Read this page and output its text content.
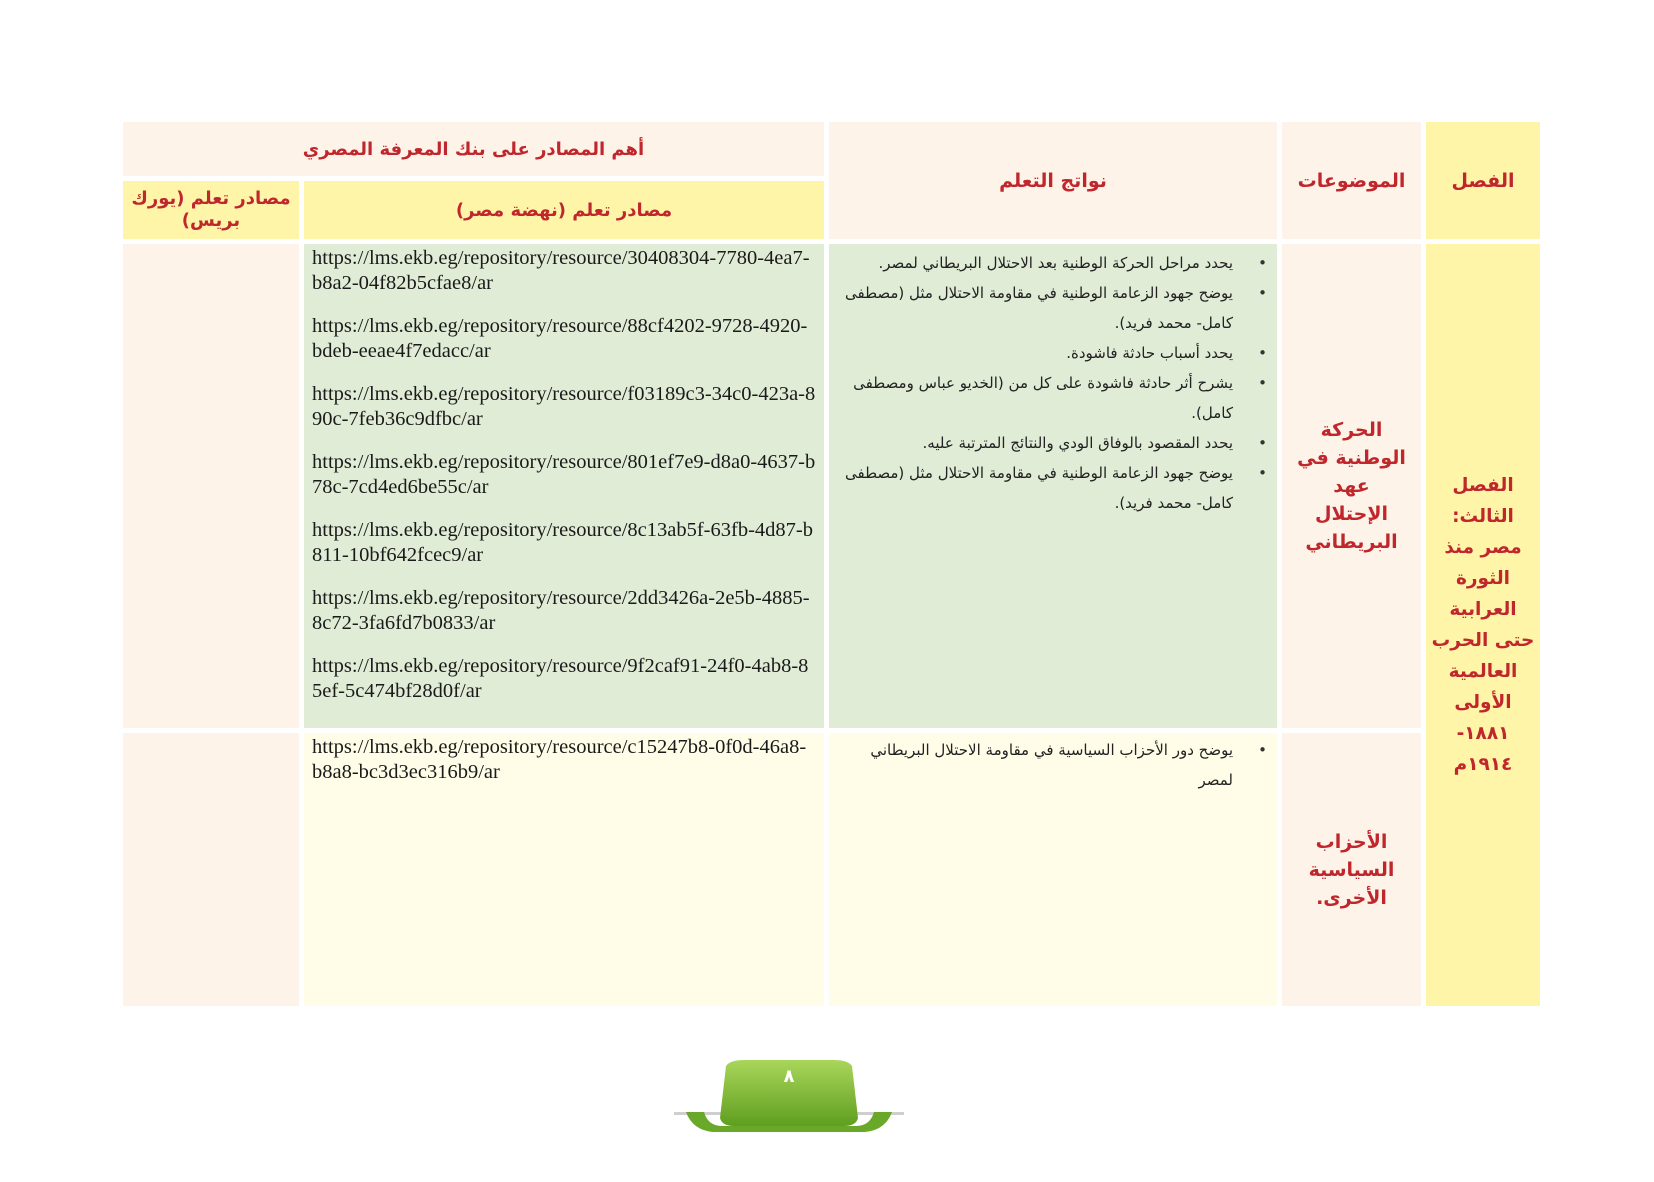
الفصل
الموضوعات
نواتج التعلم
أهم المصادر على بنك المعرفة المصري
مصادر تعلم (نهضة مصر)
مصادر تعلم (يورك بريس)
الفصل الثالث: مصر منذ الثورة العرابية حتى الحرب العالمية الأولى ١٨٨١- ١٩١٤م
الحركة الوطنية في عهد الإحتلال البريطاني
• يحدد مراحل الحركة الوطنية بعد الاحتلال البريطاني لمصر.
• يوضح جهود الزعامة الوطنية في مقاومة الاحتلال مثل (مصطفى كامل- محمد فريد).
• يحدد أسباب حادثة فاشودة.
• يشرح أثر حادثة فاشودة على كل من (الخديو عباس ومصطفى كامل).
• يحدد المقصود بالوفاق الودي والنتائج المترتبة عليه.
• يوضح جهود الزعامة الوطنية في مقاومة الاحتلال مثل (مصطفى كامل- محمد فريد).
https://lms.ekb.eg/repository/resource/30408304-7780-4ea7-b8a2-04f82b5cfae8/ar
https://lms.ekb.eg/repository/resource/88cf4202-9728-4920-bdeb-eeae4f7edacc/ar
https://lms.ekb.eg/repository/resource/f03189c3-34c0-423a-890c-7feb36c9dfbc/ar
https://lms.ekb.eg/repository/resource/801ef7e9-d8a0-4637-b78c-7cd4ed6be55c/ar
https://lms.ekb.eg/repository/resource/8c13ab5f-63fb-4d87-b811-10bf642fcec9/ar
https://lms.ekb.eg/repository/resource/2dd3426a-2e5b-4885-8c72-3fa6fd7b0833/ar
https://lms.ekb.eg/repository/resource/9f2caf91-24f0-4ab8-85ef-5c474bf28d0f/ar
الأحزاب السياسية الأخرى.
• يوضح دور الأحزاب السياسية في مقاومة الاحتلال البريطاني لمصر
https://lms.ekb.eg/repository/resource/c15247b8-0f0d-46a8-b8a8-bc3d3ec316b9/ar
٨
